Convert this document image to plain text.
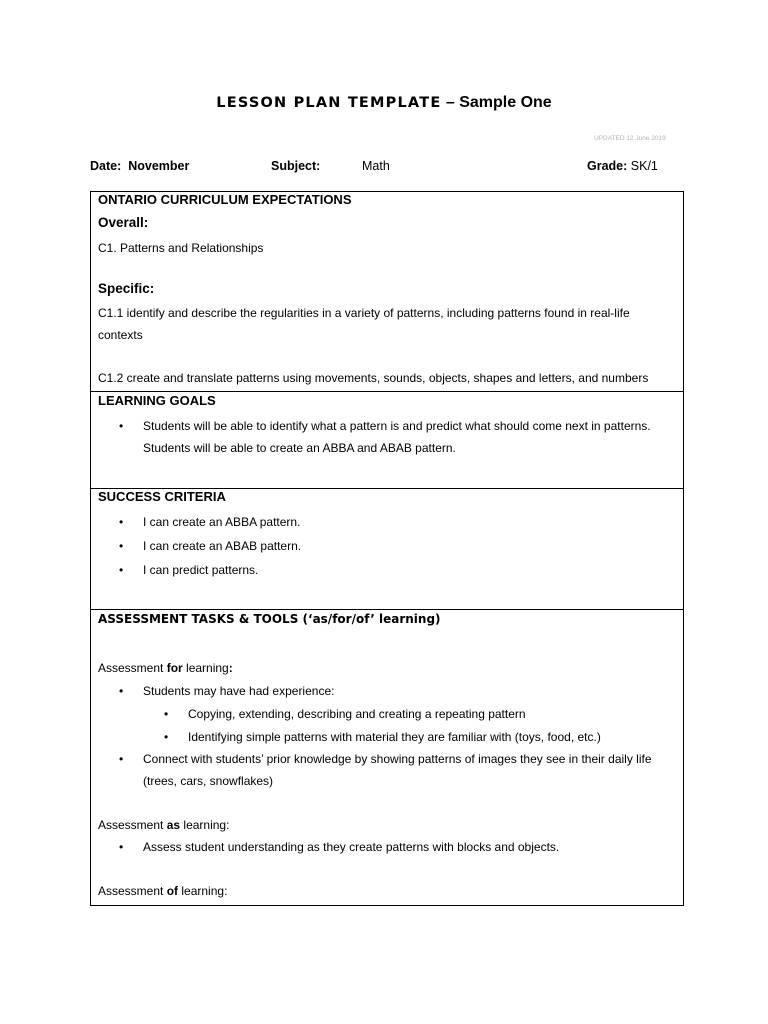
LESSON PLAN TEMPLATE – Sample One
UPDATED 12 June 2019
Date: November	Subject:	Math	Grade: SK/1
ONTARIO CURRICULUM EXPECTATIONS
Overall:
C1. Patterns and Relationships
Specific:
C1.1 identify and describe the regularities in a variety of patterns, including patterns found in real-life
contexts
C1.2 create and translate patterns using movements, sounds, objects, shapes and letters, and numbers
LEARNING GOALS
• Students will be able to identify what a pattern is and predict what should come next in patterns.
Students will be able to create an ABBA and ABAB pattern.
SUCCESS CRITERIA
• I can create an ABBA pattern.
• I can create an ABAB pattern.
• I can predict patterns.
ASSESSMENT TASKS & TOOLS (‘as/for/of’ learning)
Assessment for learning:
• Students may have had experience:
• Copying, extending, describing and creating a repeating pattern
• Identifying simple patterns with material they are familiar with (toys, food, etc.)
• Connect with students’ prior knowledge by showing patterns of images they see in their daily life
(trees, cars, snowflakes)
Assessment as learning:
• Assess student understanding as they create patterns with blocks and objects.
Assessment of learning:
